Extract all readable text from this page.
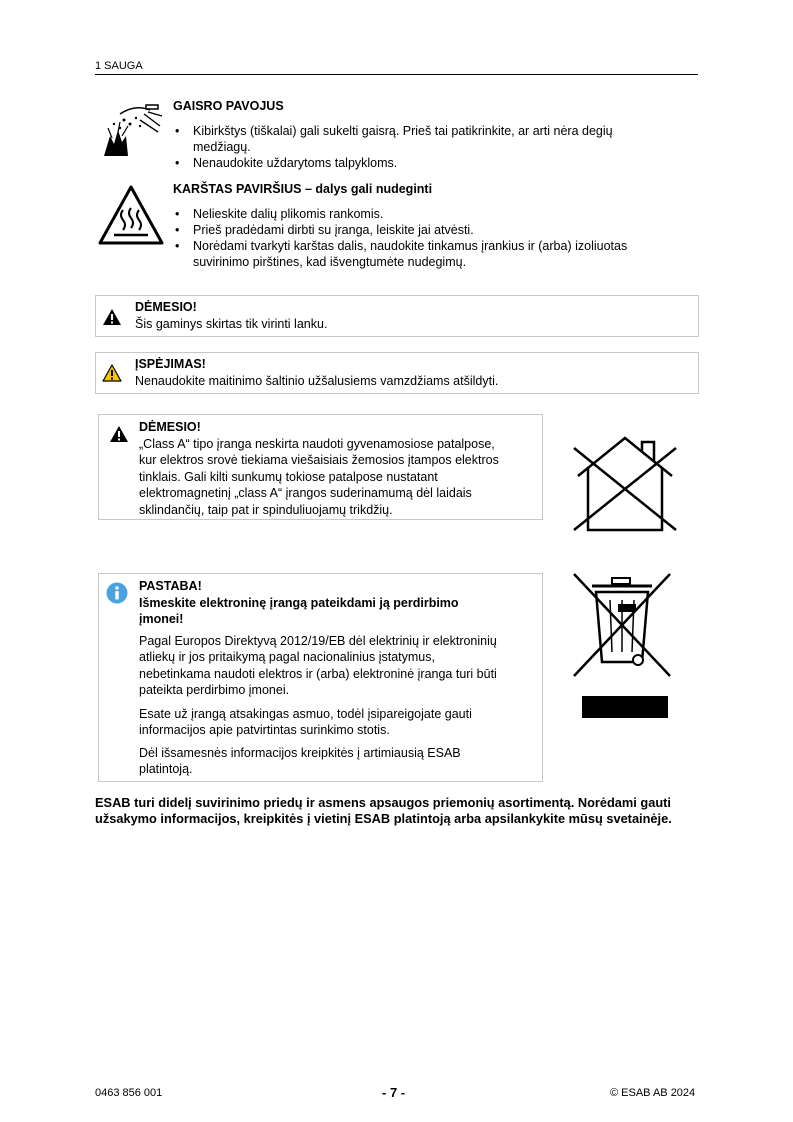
1 SAUGA
GAISRO PAVOJUS
• Kibirkštys (tiškalai) gali sukelti gaisrą. Prieš tai patikrinkite, ar arti nėra degių medžiagų.
• Nenaudokite uždarytoms talpykloms.
KARŠTAS PAVIRŠIUS – dalys gali nudeginti
• Nelieskite dalių plikomis rankomis.
• Prieš pradėdami dirbti su įranga, leiskite jai atvėsti.
• Norėdami tvarkyti karštas dalis, naudokite tinkamus įrankius ir (arba) izoliuotas suvirinimo pirštines, kad išvengtumėte nudegimų.
DĖMESIO!
Šis gaminys skirtas tik virinti lanku.
ĮSPĖJIMAS!
Nenaudokite maitinimo šaltinio užšalusiems vamzdžiams atšildyti.
DĖMESIO!
„Class A“ tipo įranga neskirta naudoti gyvenamosiose patalpose,
kur elektros srovė tiekiama viešaisiais žemosios įtampos elektros
tinklais. Gali kilti sunkumų tokiose patalpose nustatant
elektromagnetinį „class A“ įrangos suderinamumą dėl laidais
sklindančių, taip pat ir spinduliuojamų trikdžių.
PASTABA!
Išmeskite elektroninę įrangą pateikdami ją perdirbimo
įmonei!
Pagal Europos Direktyvą 2012/19/EB dėl elektrinių ir elektroninių
atliekų ir jos pritaikymą pagal nacionalinius įstatymus,
nebetinkama naudoti elektros ir (arba) elektroninė įranga turi būti
pateikta perdirbimo įmonei.
Esate už įrangą atsakingas asmuo, todėl įsipareigojate gauti
informacijos apie patvirtintas surinkimo stotis.
Dėl išsamesnės informacijos kreipkitės į artimiausią ESAB
platintoją.
ESAB turi didelį suvirinimo priedų ir asmens apsaugos priemonių asortimentą. Norėdami gauti
užsakymo informacijos, kreipkitės į vietinį ESAB platintoją arba apsilankykite mūsų svetainėje.
0463 856 001	- 7 -	© ESAB AB 2024
